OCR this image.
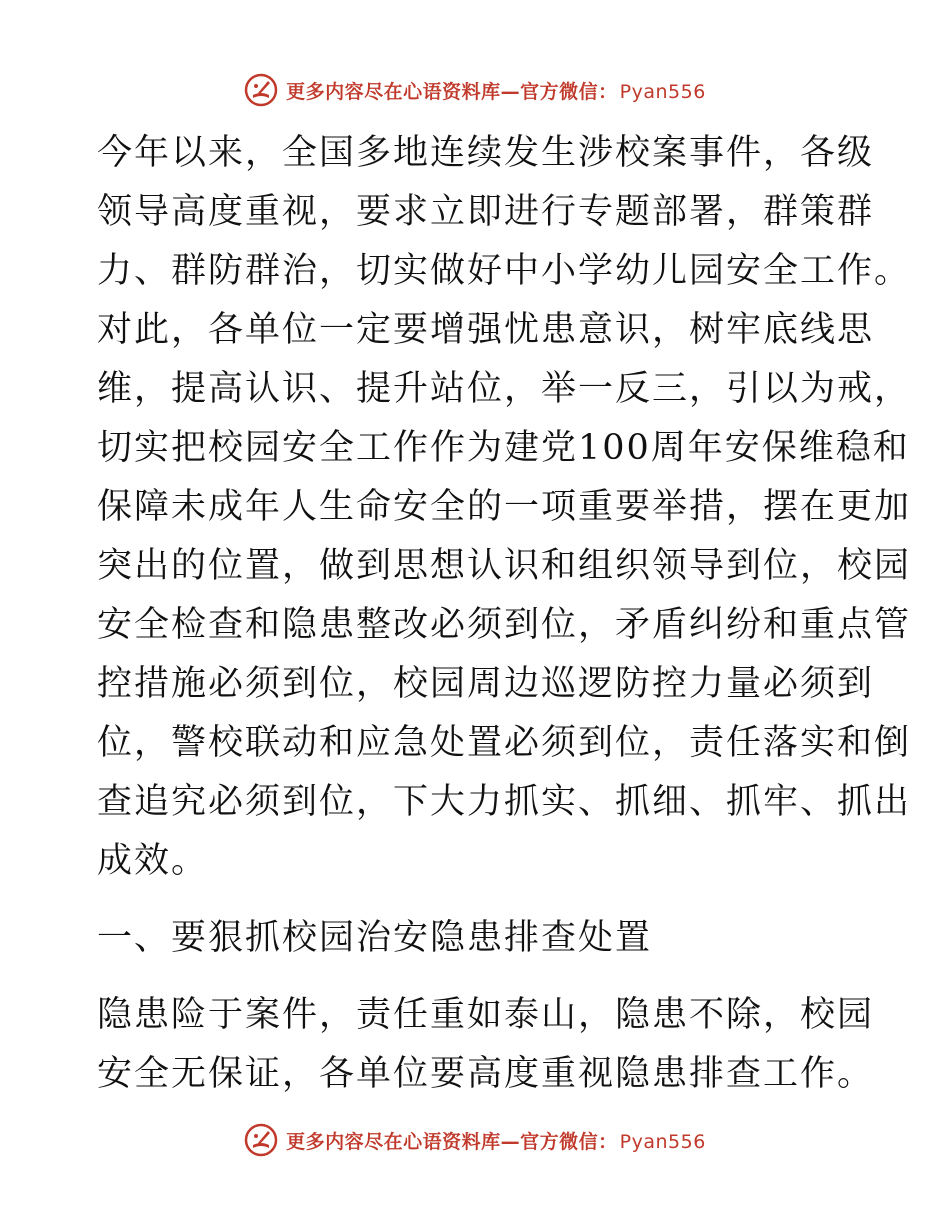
更多内容尽在心语资料库—官方微信： Pyan556
今年以来，全国多地连续发生涉校案事件，各级
领导高度重视，要求立即进行专题部署，群策群
力、群防群治，切实做好中小学幼儿园安全工作。
对此，各单位一定要增强忧患意识，树牢底线思
维，提高认识、提升站位，举一反三，引以为戒，
切实把校园安全工作作为建党100周年安保维稳和
保障未成年人生命安全的一项重要举措，摆在更加
突出的位置，做到思想认识和组织领导到位，校园
安全检查和隐患整改必须到位，矛盾纠纷和重点管
控措施必须到位，校园周边巡逻防控力量必须到
位，警校联动和应急处置必须到位，责任落实和倒
查追究必须到位，下大力抓实、抓细、抓牢、抓出
成效。
一、要狠抓校园治安隐患排查处置
隐患险于案件，责任重如泰山，隐患不除，校园
安全无保证，各单位要高度重视隐患排查工作。
更多内容尽在心语资料库—官方微信： Pyan556
